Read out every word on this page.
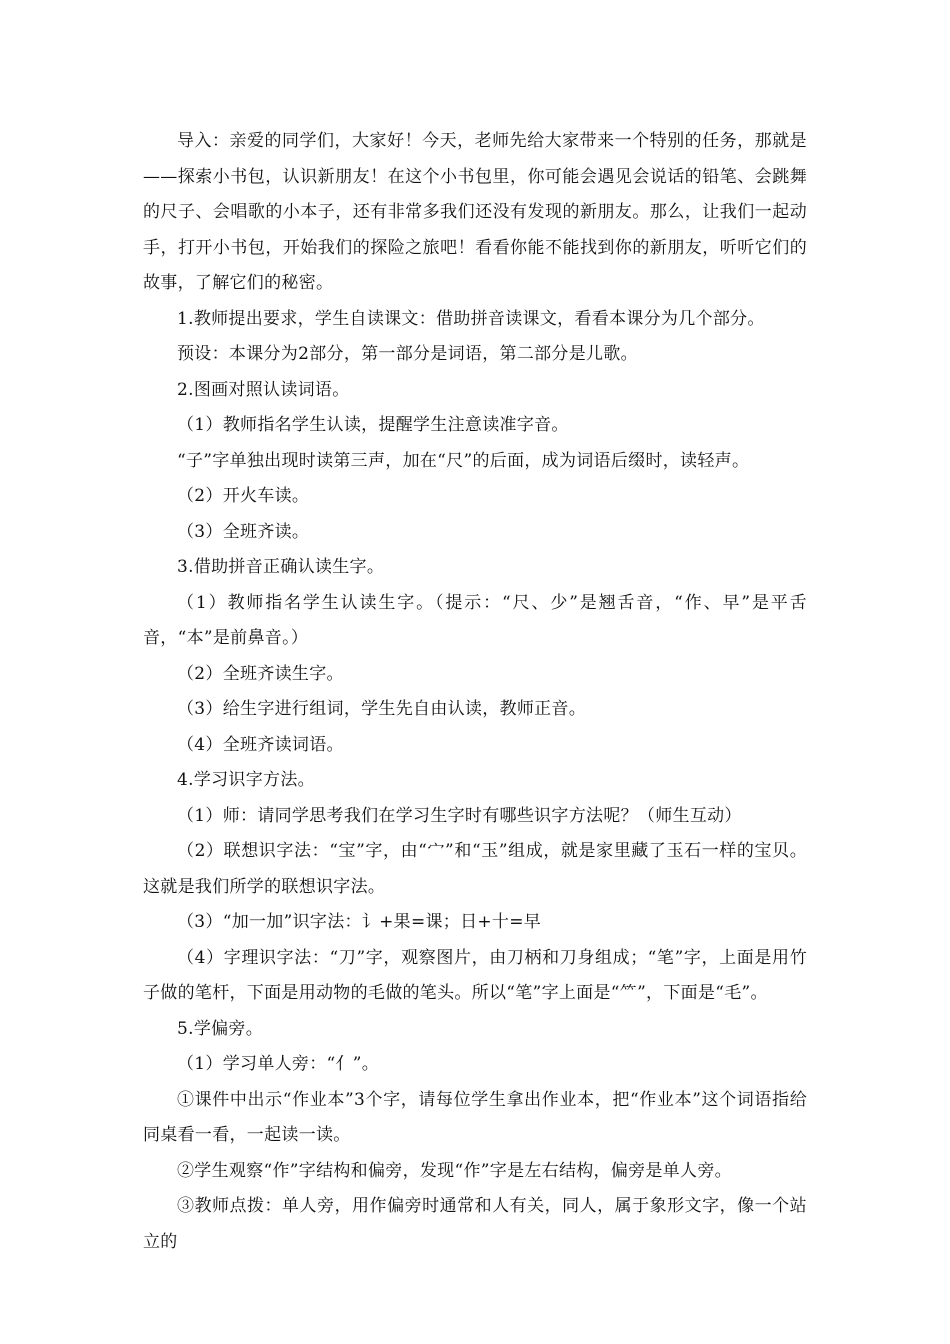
导入：亲爱的同学们，大家好！今天，老师先给大家带来一个特别的任务，那就是——探索小书包，认识新朋友！在这个小书包里，你可能会遇见会说话的铅笔、会跳舞的尺子、会唱歌的小本子，还有非常多我们还没有发现的新朋友。那么，让我们一起动手，打开小书包，开始我们的探险之旅吧！看看你能不能找到你的新朋友，听听它们的故事，了解它们的秘密。

1.教师提出要求，学生自读课文：借助拼音读课文，看看本课分为几个部分。

预设：本课分为2部分，第一部分是词语，第二部分是儿歌。

2.图画对照认读词语。

（1）教师指名学生认读，提醒学生注意读准字音。

“子”字单独出现时读第三声，加在“尺”的后面，成为词语后缀时，读轻声。

（2）开火车读。

（3）全班齐读。

3.借助拼音正确认读生字。

（1）教师指名学生认读生字。（提示：“尺、少”是翘舌音，“作、早”是平舌音，“本”是前鼻音。）

（2）全班齐读生字。

（3）给生字进行组词，学生先自由认读，教师正音。

（4）全班齐读词语。

4.学习识字方法。

（1）师：请同学思考我们在学习生字时有哪些识字方法呢？（师生互动）

（2）联想识字法：“宝”字，由“宀”和“玉”组成，就是家里藏了玉石一样的宝贝。这就是我们所学的联想识字法。

（3）“加一加”识字法：讠+果=课；日+十=早

（4）字理识字法：“刀”字，观察图片，由刀柄和刀身组成；“笔”字，上面是用竹子做的笔杆，下面是用动物的毛做的笔头。所以“笔”字上面是“⺮”，下面是“毛”。

5.学偏旁。

（1）学习单人旁：“亻”。

①课件中出示“作业本”3个字，请每位学生拿出作业本，把“作业本”这个词语指给同桌看一看，一起读一读。

②学生观察“作”字结构和偏旁，发现“作”字是左右结构，偏旁是单人旁。

③教师点拨：单人旁，用作偏旁时通常和人有关，同人，属于象形文字，像一个站立的
